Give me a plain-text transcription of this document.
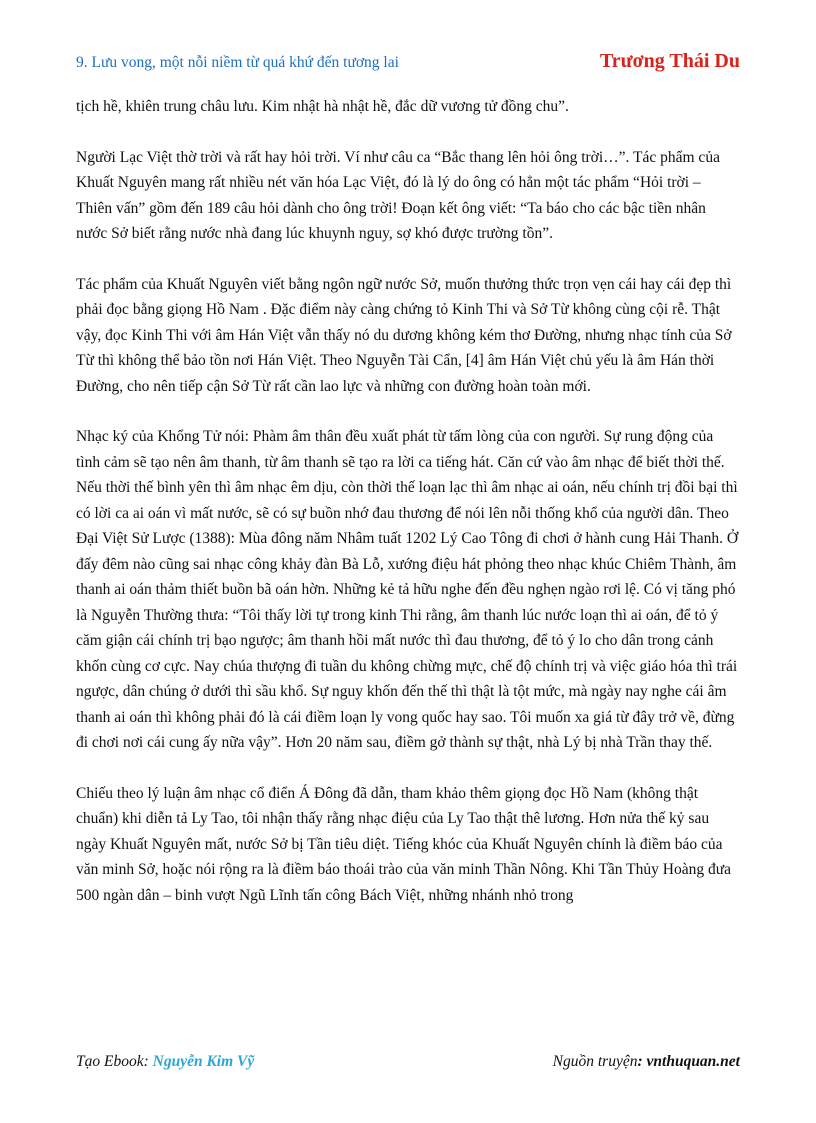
9. Lưu vong, một nỗi niềm từ quá khứ đến tương lai	Trương Thái Du

tịch hề, khiên trung châu lưu. Kim nhật hà nhật hề, đắc dữ vương tử đồng chu”.

Người Lạc Việt thờ trời và rất hay hỏi trời. Ví như câu ca “Bắc thang lên hỏi ông trời…”. Tác phẩm của Khuất Nguyên mang rất nhiều nét văn hóa Lạc Việt, đó là lý do ông có hẳn một tác phẩm “Hỏi trời – Thiên vấn” gồm đến 189 câu hỏi dành cho ông trời! Đoạn kết ông viết: “Ta báo cho các bậc tiền nhân nước Sở biết rằng nước nhà đang lúc khuynh nguy, sợ khó được trường tồn”.

Tác phẩm của Khuất Nguyên viết bằng ngôn ngữ nước Sở, muốn thưởng thức trọn vẹn cái hay cái đẹp thì phải đọc bằng giọng Hồ Nam . Đặc điểm này càng chứng tỏ Kinh Thi và Sở Từ không cùng cội rễ. Thật vậy, đọc Kinh Thi với âm Hán Việt vẫn thấy nó du dương không kém thơ Đường, nhưng nhạc tính của Sở Từ thì không thể bảo tồn nơi Hán Việt. Theo Nguyễn Tài Cẩn, [4] âm Hán Việt chủ yếu là âm Hán thời Đường, cho nên tiếp cận Sở Từ rất cần lao lực và những con đường hoàn toàn mới.

Nhạc ký của Khổng Tử nói: Phàm âm thân đều xuất phát từ tấm lòng của con người. Sự rung động của tình cảm sẽ tạo nên âm thanh, từ âm thanh sẽ tạo ra lời ca tiếng hát. Căn cứ vào âm nhạc để biết thời thế. Nếu thời thế bình yên thì âm nhạc êm dịu, còn thời thế loạn lạc thì âm nhạc ai oán, nếu chính trị đồi bại thì có lời ca ai oán vì mất nước, sẽ có sự buồn nhớ đau thương để nói lên nỗi thống khổ của người dân. Theo Đại Việt Sử Lược (1388): Mùa đông năm Nhâm tuất 1202 Lý Cao Tông đi chơi ở hành cung Hải Thanh. Ở đấy đêm nào cũng sai nhạc công khảy đàn Bà Lỗ, xướng điệu hát phỏng theo nhạc khúc Chiêm Thành, âm thanh ai oán thảm thiết buồn bã oán hờn. Những kẻ tả hữu nghe đến đều nghẹn ngào rơi lệ. Có vị tăng phó là Nguyễn Thường thưa: “Tôi thấy lời tự trong kinh Thi rằng, âm thanh lúc nước loạn thì ai oán, để tỏ ý căm giận cái chính trị bạo ngược; âm thanh hồi mất nước thì đau thương, để tỏ ý lo cho dân trong cảnh khốn cùng cơ cực. Nay chúa thượng đi tuần du không chừng mực, chế độ chính trị và việc giáo hóa thì trái ngược, dân chúng ở dưới thì sầu khổ. Sự nguy khốn đến thế thì thật là tột mức, mà ngày nay nghe cái âm thanh ai oán thì không phải đó là cái điềm loạn ly vong quốc hay sao. Tôi muốn xa giá từ đây trở về, đừng đi chơi nơi cái cung ấy nữa vậy”. Hơn 20 năm sau, điềm gở thành sự thật, nhà Lý bị nhà Trần thay thế.

Chiếu theo lý luận âm nhạc cổ điển Á Đông đã dẫn, tham khảo thêm giọng đọc Hồ Nam (không thật chuẩn) khi diễn tả Ly Tao, tôi nhận thấy rằng nhạc điệu của Ly Tao thật thê lương. Hơn nửa thế kỷ sau ngày Khuất Nguyên mất, nước Sở bị Tần tiêu diệt. Tiếng khóc của Khuất Nguyên chính là điềm báo của văn minh Sở, hoặc nói rộng ra là điềm báo thoái trào của văn minh Thần Nông. Khi Tần Thủy Hoàng đưa 500 ngàn dân – binh vượt Ngũ Lĩnh tấn công Bách Việt, những nhánh nhỏ trong

Tạo Ebook: Nguyễn Kim Vỹ	Nguồn truyện: vnthuquan.net
